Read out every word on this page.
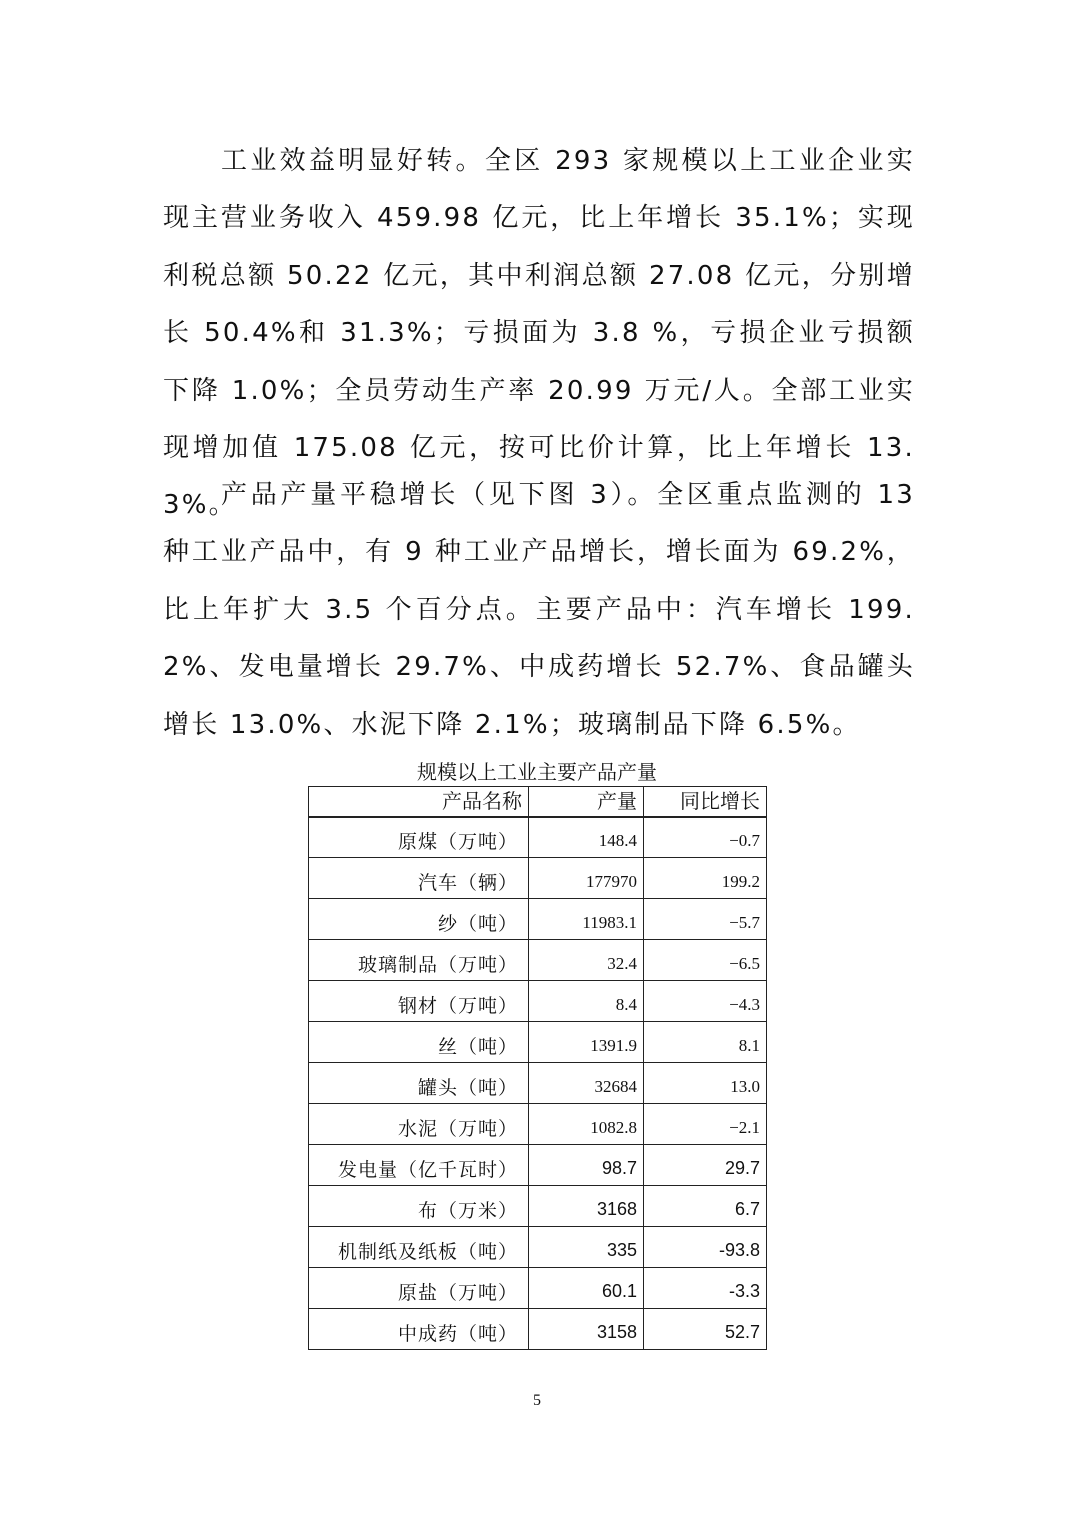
工业效益明显好转。全区 293 家规模以上工业企业实现主营业务收入 459.98 亿元，比上年增长 35.1%；实现利税总额 50.22 亿元，其中利润总额 27.08 亿元，分别增长 50.4%和 31.3%；亏损面为 3.8 %，亏损企业亏损额下降 1.0%；全员劳动生产率 20.99 万元/人。全部工业实现增加值 175.08 亿元，按可比价计算，比上年增长 13.3%。

产品产量平稳增长（见下图 3）。全区重点监测的 13 种工业产品中，有 9 种工业产品增长，增长面为 69.2%，比上年扩大 3.5 个百分点。主要产品中：汽车增长 199.2%、发电量增长 29.7%、中成药增长 52.7%、食品罐头增长 13.0%、水泥下降 2.1%；玻璃制品下降 6.5%。

规模以上工业主要产品产量
产品名称	产量	同比增长
原煤（万吨）	148.4	−0.7
汽车（辆）	177970	199.2
纱（吨）	11983.1	−5.7
玻璃制品（万吨）	32.4	−6.5
钢材（万吨）	8.4	−4.3
丝（吨）	1391.9	8.1
罐头（吨）	32684	13.0
水泥（万吨）	1082.8	−2.1
发电量（亿千瓦时）	98.7	29.7
布（万米）	3168	6.7
机制纸及纸板（吨）	335	-93.8
原盐（万吨）	60.1	-3.3
中成药（吨）	3158	52.7
5
